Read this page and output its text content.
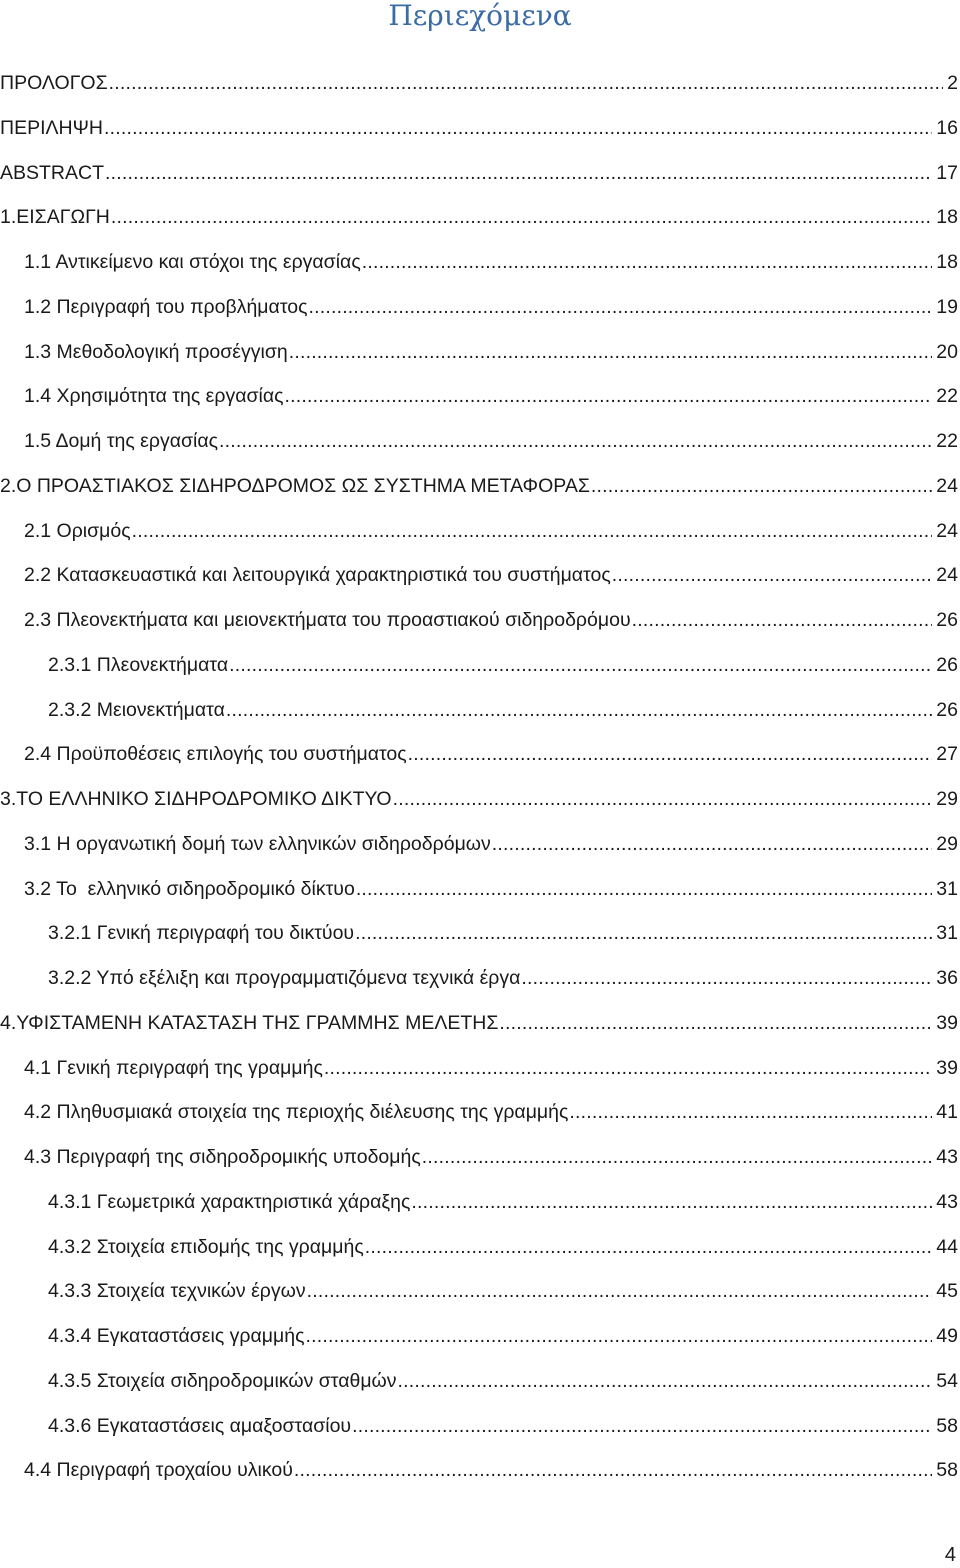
Περιεχόμενα
ΠΡΟΛΟΓΟΣ .....	2
ΠΕΡΙΛΗΨΗ .....	16
ABSTRACT .....	17
1.ΕΙΣΑΓΩΓΗ .....	18
1.1 Αντικείμενο και στόχοι της εργασίας .....	18
1.2 Περιγραφή του προβλήματος .....	19
1.3 Μεθοδολογική προσέγγιση .....	20
1.4 Χρησιμότητα της εργασίας .....	22
1.5 Δομή της εργασίας .....	22
2.Ο ΠΡΟΑΣΤΙΑΚΟΣ ΣΙΔΗΡΟΔΡΟΜΟΣ ΩΣ ΣΥΣΤΗΜΑ ΜΕΤΑΦΟΡΑΣ .....	24
2.1 Ορισμός .....	24
2.2 Κατασκευαστικά και λειτουργικά χαρακτηριστικά του συστήματος .....	24
2.3 Πλεονεκτήματα και μειονεκτήματα του προαστιακού σιδηροδρόμου .....	26
2.3.1 Πλεονεκτήματα .....	26
2.3.2 Μειονεκτήματα .....	26
2.4 Προϋποθέσεις επιλογής του συστήματος .....	27
3.ΤΟ ΕΛΛΗΝΙΚΟ ΣΙΔΗΡΟΔΡΟΜΙΚΟ ΔΙΚΤΥΟ .....	29
3.1 Η οργανωτική δομή των ελληνικών σιδηροδρόμων .....	29
3.2 Το  ελληνικό σιδηροδρομικό δίκτυο .....	31
3.2.1 Γενική περιγραφή του δικτύου .....	31
3.2.2 Υπό εξέλιξη και προγραμματιζόμενα τεχνικά έργα .....	36
4.ΥΦΙΣΤΑΜΕΝΗ ΚΑΤΑΣΤΑΣΗ ΤΗΣ ΓΡΑΜΜΗΣ ΜΕΛΕΤΗΣ .....	39
4.1 Γενική περιγραφή της γραμμής .....	39
4.2 Πληθυσμιακά στοιχεία της περιοχής διέλευσης της γραμμής .....	41
4.3 Περιγραφή της σιδηροδρομικής υποδομής .....	43
4.3.1 Γεωμετρικά χαρακτηριστικά χάραξης .....	43
4.3.2 Στοιχεία επιδομής της γραμμής .....	44
4.3.3 Στοιχεία τεχνικών έργων .....	45
4.3.4 Εγκαταστάσεις γραμμής .....	49
4.3.5 Στοιχεία σιδηροδρομικών σταθμών .....	54
4.3.6 Εγκαταστάσεις αμαξοστασίου .....	58
4.4 Περιγραφή τροχαίου υλικού .....	58
4
